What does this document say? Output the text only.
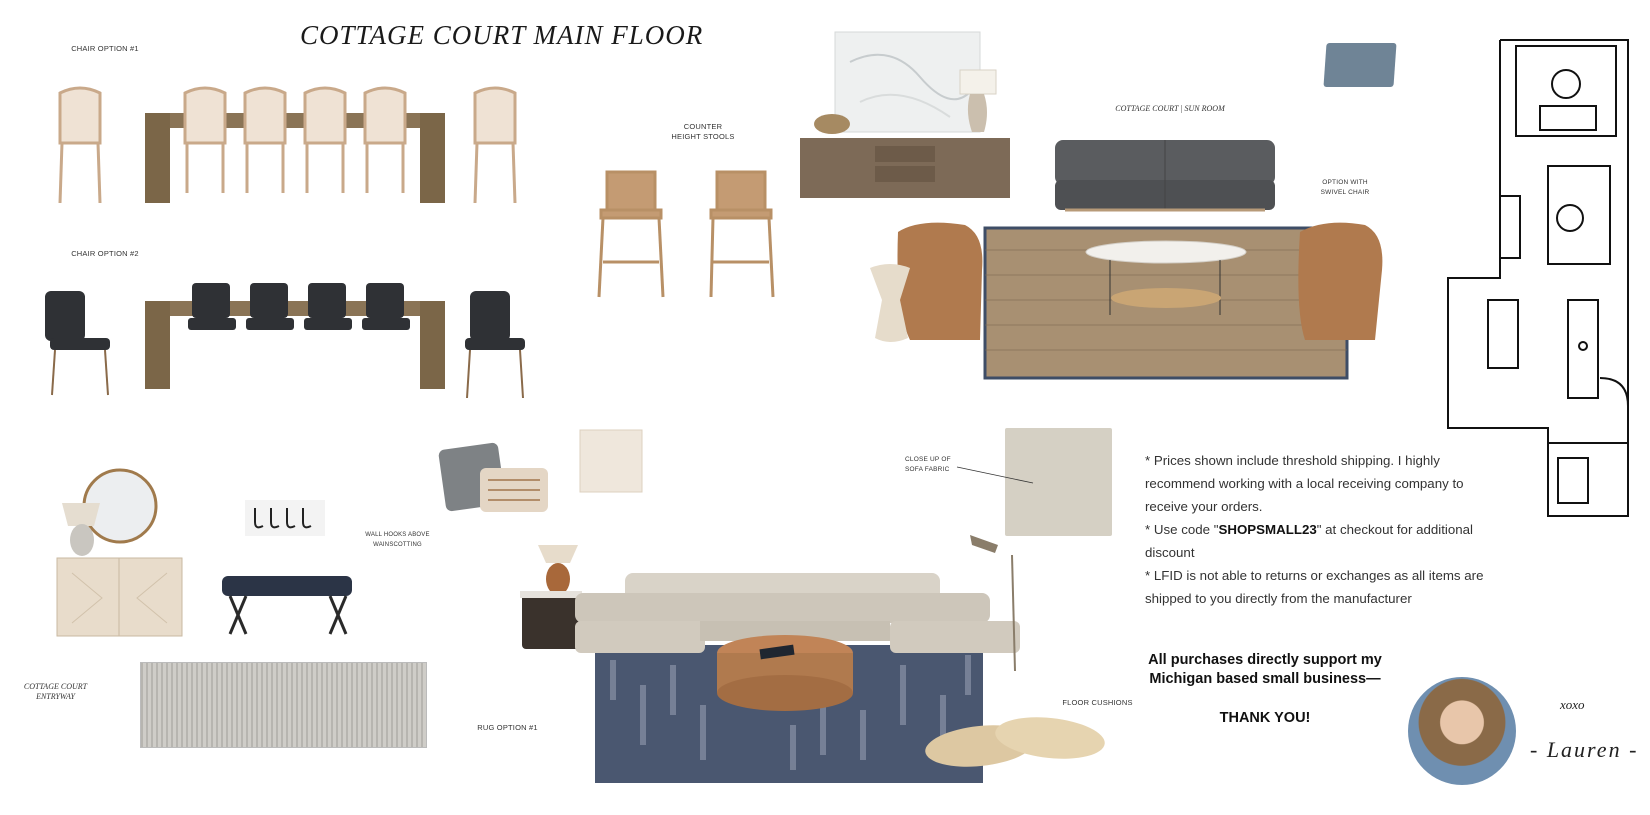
COTTAGE COURT MAIN FLOOR
CHAIR OPTION #1
CHAIR OPTION #2
COUNTER HEIGHT STOOLS
COTTAGE COURT | SUN ROOM
OPTION WITH SWIVEL CHAIR
CLOSE UP OF SOFA FABRIC
WALL HOOKS ABOVE WAINSCOTTING
COTTAGE COURT ENTRYWAY
RUG OPTION #1
FLOOR CUSHIONS

* Prices shown include threshold shipping. I highly recommend working with a local receiving company to receive your orders.

* Use code "SHOPSMALL23" at checkout for additional discount

* LFID is not able to returns or exchanges as all items are shipped to you directly from the manufacturer

All purchases directly support my Michigan based small business—
THANK YOU!
xoxo
- Lauren -
